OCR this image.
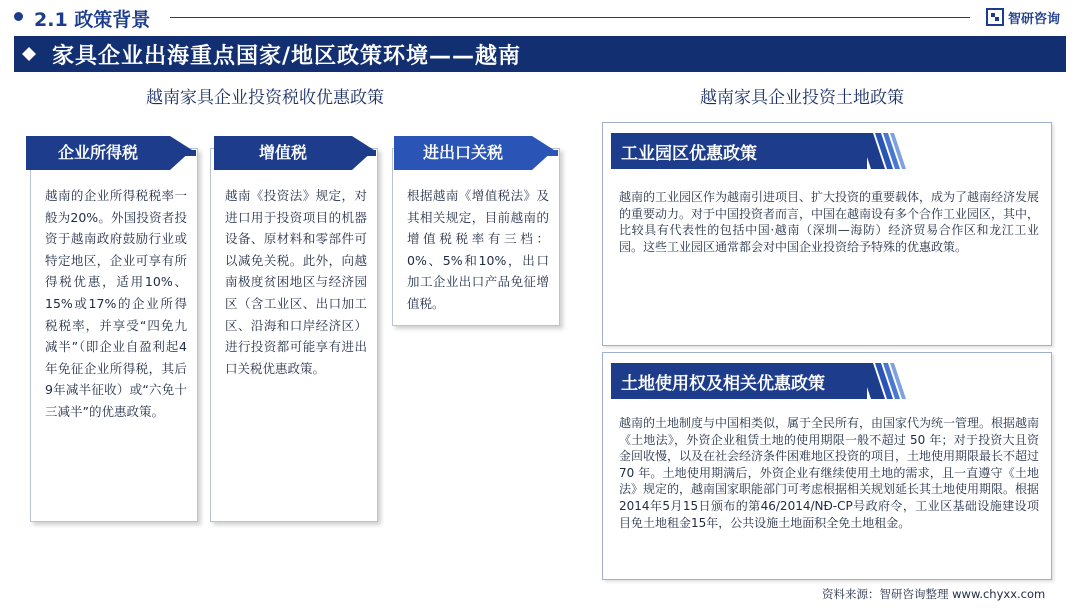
2.1 政策背景	智研咨询
家具企业出海重点国家/地区政策环境——越南
越南家具企业投资税收优惠政策	越南家具企业投资土地政策
越南的企业所得税税率一般为20%。外国投资者投资于越南政府鼓励行业或特定地区，企业可享有所得税优惠，适用10%、15%或17%的企业所得税税率，并享受“四免九减半”（即企业自盈利起4年免征企业所得税，其后9年减半征收）或“六免十三减半”的优惠政策。
越南《投资法》规定，对进口用于投资项目的机器设备、原材料和零部件可以减免关税。此外，向越南极度贫困地区与经济园区（含工业区、出口加工区、沿海和口岸经济区）进行投资都可能享有进出口关税优惠政策。
根据越南《增值税法》及其相关规定，目前越南的增值税税率有三档：0%、5%和10%，出口加工企业出口产品免征增值税。
企业所得税	增值税	进出口关税	工业园区优惠政策
越南的工业园区作为越南引进项目、扩大投资的重要载体，成为了越南经济发展的重要动力。对于中国投资者而言，中国在越南设有多个合作工业园区，其中，比较具有代表性的包括中国·越南（深圳—海防）经济贸易合作区和龙江工业园。这些工业园区通常都会对中国企业投资给予特殊的优惠政策。
土地使用权及相关优惠政策
越南的土地制度与中国相类似，属于全民所有，由国家代为统一管理。根据越南《土地法》，外资企业租赁土地的使用期限一般不超过 50 年；对于投资大且资金回收慢，以及在社会经济条件困难地区投资的项目，土地使用期限最长不超过 70 年。土地使用期满后，外资企业有继续使用土地的需求，且一直遵守《土地法》规定的，越南国家职能部门可考虑根据相关规划延长其土地使用期限。根据2014年5月15日颁布的第46/2014/NĐ-CP号政府令，工业区基础设施建设项目免土地租金15年，公共设施土地面积全免土地租金。
资料来源：智研咨询整理 www.chyxx.com
